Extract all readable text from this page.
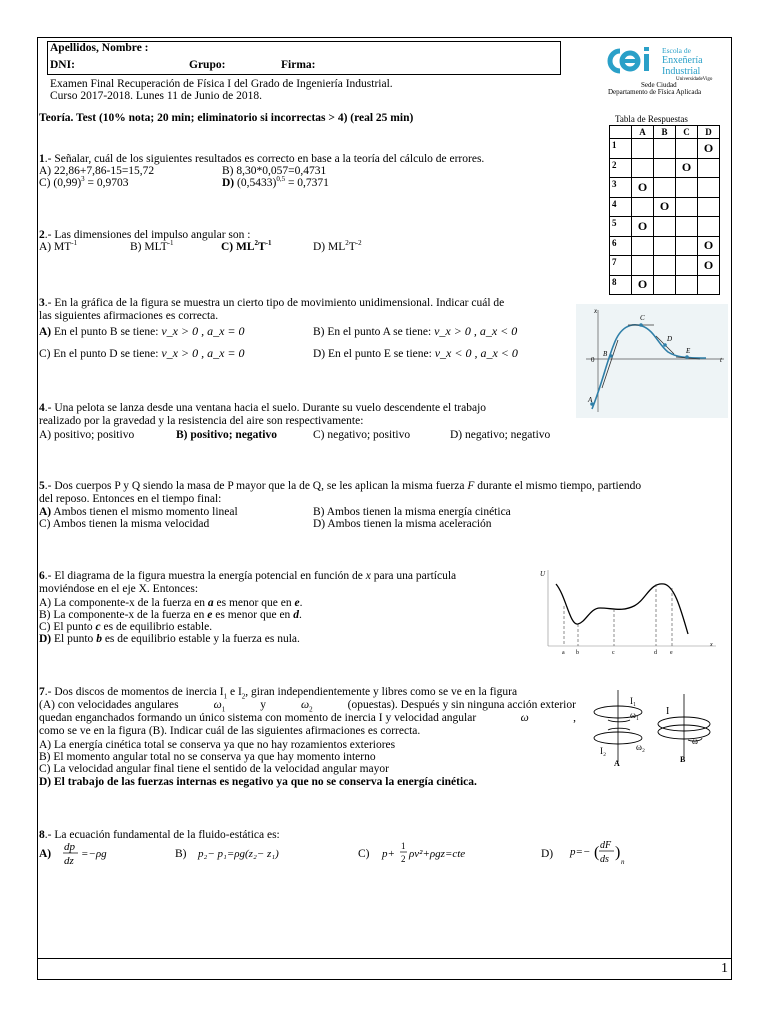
Apellidos, Nombre :
DNI:	Grupo:	Firma:
Examen Final Recuperación de Física I del Grado de Ingeniería Industrial.
Curso 2017-2018. Lunes 11 de Junio de 2018.
Escola de
Enxeñería
Industrial
UniversidadeVigo
Sede Ciudad
Departamento de Física Aplicada
Teoría. Test (10% nota; 20 min; eliminatorio si incorrectas > 4) (real 25 min)	Tabla de Respuestas
	A	B	C	D
1				O
2			O	
3	O			
4		O		
5	O			
6				O
7				O
8	O			
1.- Señalar, cuál de los siguientes resultados es correcto en base a la teoría del cálculo de errores.
A) 22,86+7,86-15=15,72	B) 8,30*0,057=0,4731
C) $(0,99)^3 = 0,9703$	D) $(0,5433)^{0,5} = 0,7371$
2.- Las dimensiones del impulso angular son :
A) $MT^{-1}$	B) $MLT^{-1}$	C) $ML^2T^{-1}$	D) $ML^2T^{-2}$
3.- En la gráfica de la figura se muestra un cierto tipo de movimiento unidimensional. Indicar cuál de
las siguientes afirmaciones es correcta.
A) En el punto B se tiene: v_x > 0 , a_x = 0	B) En el punto A se tiene: v_x > 0 , a_x < 0
C) En el punto D se tiene: v_x > 0 , a_x = 0	D) En el punto E se tiene: v_x < 0 , a_x < 0
x
C
D
B	E
A
0	t
4.- Una pelota se lanza desde una ventana hacia el suelo. Durante su vuelo descendente el trabajo
realizado por la gravedad y la resistencia del aire son respectivamente:
A) positivo; positivo	B) positivo; negativo	C) negativo; positivo	D) negativo; negativo
5.- Dos cuerpos P y Q siendo la masa de P mayor que la de Q, se les aplican la misma fuerza F durante el mismo tiempo, partiendo
del reposo. Entonces en el tiempo final:
A) Ambos tienen el mismo momento lineal	B) Ambos tienen la misma energía cinética
C) Ambos tienen la misma velocidad	D) Ambos tienen la misma aceleración
6.- El diagrama de la figura muestra la energía potencial en función de x para una partícula
moviéndose en el eje X. Entonces:
A) La componente-x de la fuerza en a es menor que en e.
B) La componente-x de la fuerza en e es menor que en d.
C) El punto c es de equilibrio estable.
D) El punto b es de equilibrio estable y la fuerza es nula.
U
a b	c	d e
x
7.- Dos discos de momentos de inercia $I_1$ e $I_2$, giran independientemente y libres como se ve en la figura
(A) con velocidades angulares	$\omega_1$	y	$\omega_2$	(opuestas). Después y sin ninguna acción exterior
quedan enganchados formando un único sistema con momento de inercia I y velocidad angular	ω	,
como se ve en la figura (B). Indicar cuál de las siguientes afirmaciones es correcta.
A) La energía cinética total se conserva ya que no hay rozamientos exteriores
B) El momento angular total no se conserva ya que hay momento interno
C) La velocidad angular final tiene el sentido de la velocidad angular mayor
D) El trabajo de las fuerzas internas es negativo ya que no se conserva la energía cinética.
I₁
ω₁
ω₂
I₂
A
I
ω
B
8.- La ecuación fundamental de la fluido-estática es:
A)
dp
dz
=−ρg	B) p₂− p₁=ρg(z₂− z₁)	C) p+
1
2 ρv²+ρgz=cte	D) p=− ( dF
ds )
n
1
